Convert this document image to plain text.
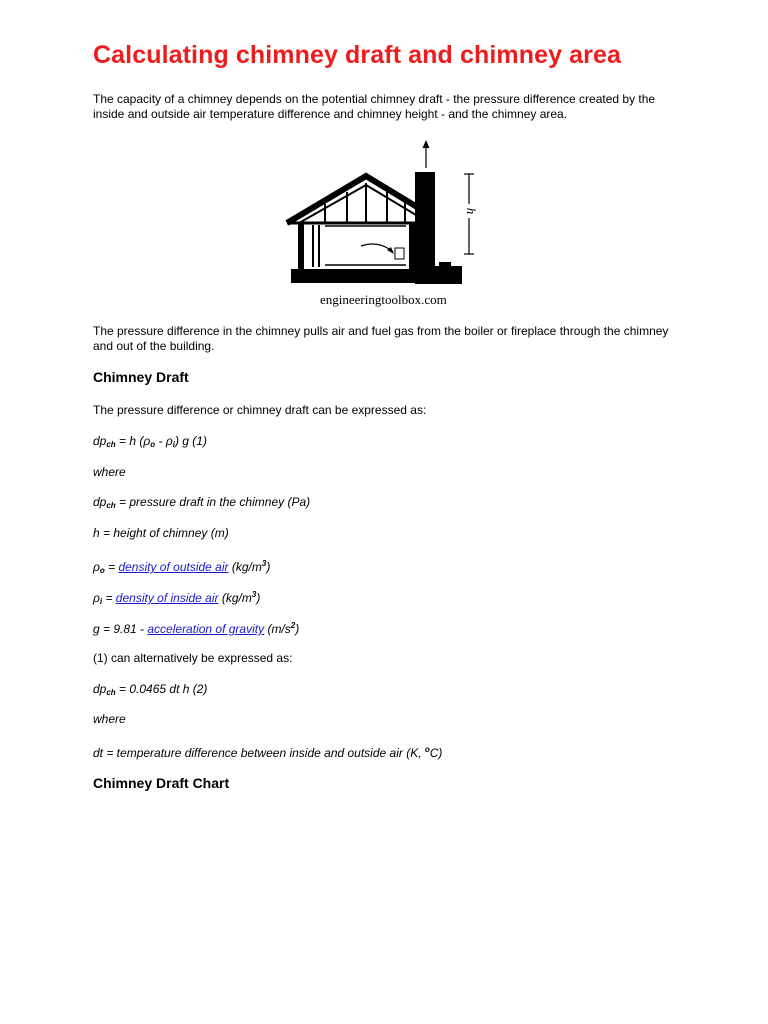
Calculating chimney draft and chimney area

The capacity of a chimney depends on the potential chimney draft - the pressure difference created by the inside and outside air temperature difference and chimney height - and the chimney area.

h

engineeringtoolbox.com

The pressure difference in the chimney pulls air and fuel gas from the boiler or fireplace through the chimney and out of the building.

Chimney Draft

The pressure difference or chimney draft can be expressed as:

$dp_{ch} = h$ $(\rho_o - \rho_i)$ g (1)

where

$dp_{ch}$ = pressure draft in the chimney (Pa)

h = height of chimney (m)

$\rho_o$ = density of outside air $(kg/m^3)$

$\rho_i$ = density of inside air $(kg/m^3)$

g = 9.81 - acceleration of gravity $(m/s^2)$

(1) can alternatively be expressed as:

$dp_{ch} = 0.0465$ dt h (2)

where

dt = temperature difference between inside and outside air (K, $^o$C)

Chimney Draft Chart
